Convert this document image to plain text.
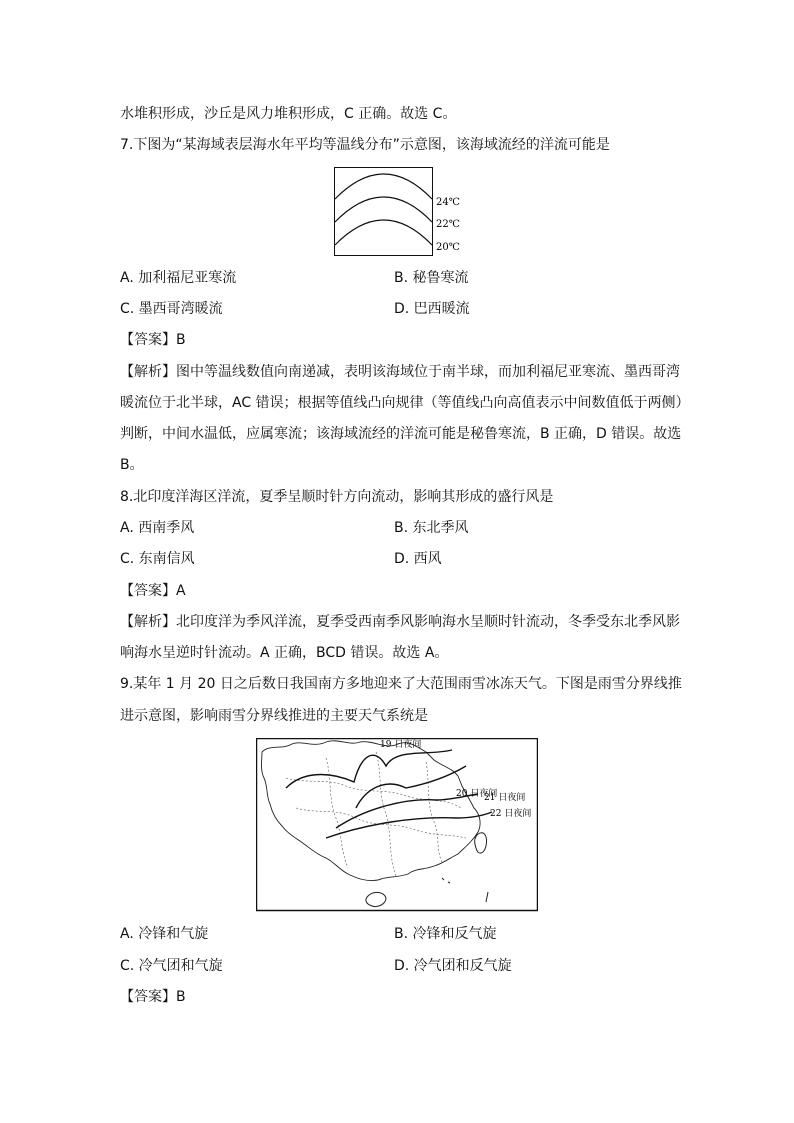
水堆积形成，沙丘是风力堆积形成，C 正确。故选 C。
7.下图为“某海域表层海水年平均等温线分布”示意图，该海域流经的洋流可能是
24℃
22℃
20℃
A. 加利福尼亚寒流	B. 秘鲁寒流
C. 墨西哥湾暖流	D. 巴西暖流
【答案】B
【解析】图中等温线数值向南递减，表明该海域位于南半球，而加利福尼亚寒流、墨西哥湾
暖流位于北半球，AC 错误；根据等值线凸向规律（等值线凸向高值表示中间数值低于两侧）
判断，中间水温低，应属寒流；该海域流经的洋流可能是秘鲁寒流，B 正确，D 错误。故选
B。
8.北印度洋海区洋流，夏季呈顺时针方向流动，影响其形成的盛行风是
A. 西南季风	B. 东北季风
C. 东南信风	D. 西风
【答案】A
【解析】北印度洋为季风洋流，夏季受西南季风影响海水呈顺时针流动，冬季受东北季风影
响海水呈逆时针流动。A 正确，BCD 错误。故选 A。
9.某年 1 月 20 日之后数日我国南方多地迎来了大范围雨雪冰冻天气。下图是雨雪分界线推
进示意图，影响雨雪分界线推进的主要天气系统是
19 日夜间
20 日夜间
21 日夜间
22 日夜间
A. 冷锋和气旋	B. 冷锋和反气旋
C. 冷气团和气旋	D. 冷气团和反气旋
【答案】B
